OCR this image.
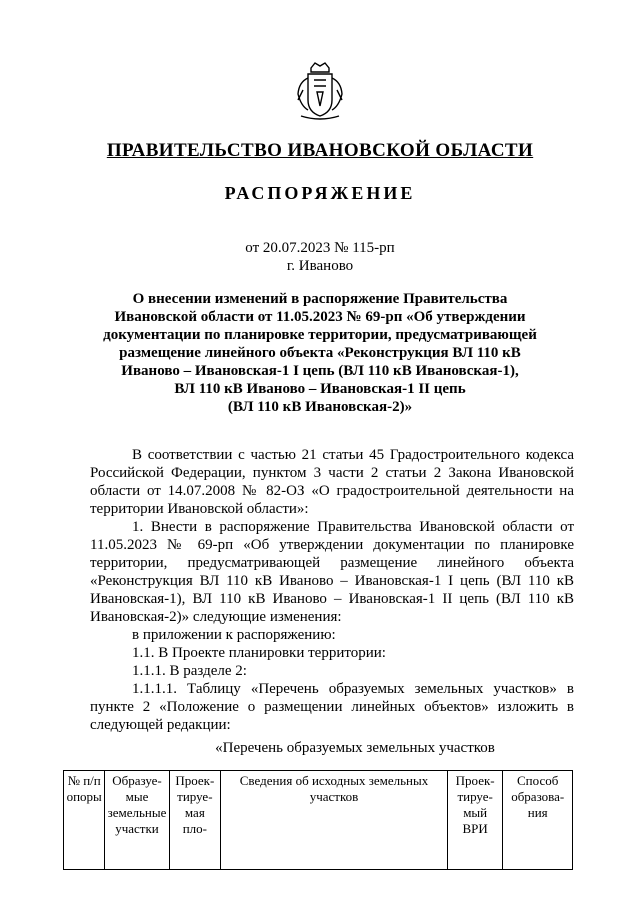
ПРАВИТЕЛЬСТВО ИВАНОВСКОЙ ОБЛАСТИ
РАСПОРЯЖЕНИЕ
от 20.07.2023 № 115-рп
г. Иваново
О внесении изменений в распоряжение Правительства
Ивановской области от 11.05.2023 № 69-рп «Об утверждении
документации по планировке территории, предусматривающей
размещение линейного объекта «Реконструкция ВЛ 110 кВ
Иваново – Ивановская-1 I цепь (ВЛ 110 кВ Ивановская-1),
ВЛ 110 кВ Иваново – Ивановская-1 II цепь
(ВЛ 110 кВ Ивановская-2)»

В соответствии с частью 21 статьи 45 Градостроительного кодекса Российской Федерации, пунктом 3 части 2 статьи 2 Закона Ивановской области от 14.07.2008 № 82-ОЗ «О градостроительной деятельности на территории Ивановской области»:

1. Внести в распоряжение Правительства Ивановской области от 11.05.2023 № 69-рп «Об утверждении документации по планировке территории, предусматривающей размещение линейного объекта «Реконструкция ВЛ 110 кВ Иваново – Ивановская-1 I цепь (ВЛ 110 кВ Ивановская-1), ВЛ 110 кВ Иваново – Ивановская-1 II цепь (ВЛ 110 кВ Ивановская-2)» следующие изменения:

в приложении к распоряжению:

1.1. В Проекте планировки территории:

1.1.1. В разделе 2:

1.1.1.1. Таблицу «Перечень образуемых земельных участков» в пункте 2 «Положение о размещении линейных объектов» изложить в следующей редакции:

«Перечень образуемых земельных участков
№ п/п опоры	Образуе-мые земельные участки	Проек-тируе-мая пло-	Сведения об исходных земельных участков	Проек-тируе-мый ВРИ	Способ образова-ния
